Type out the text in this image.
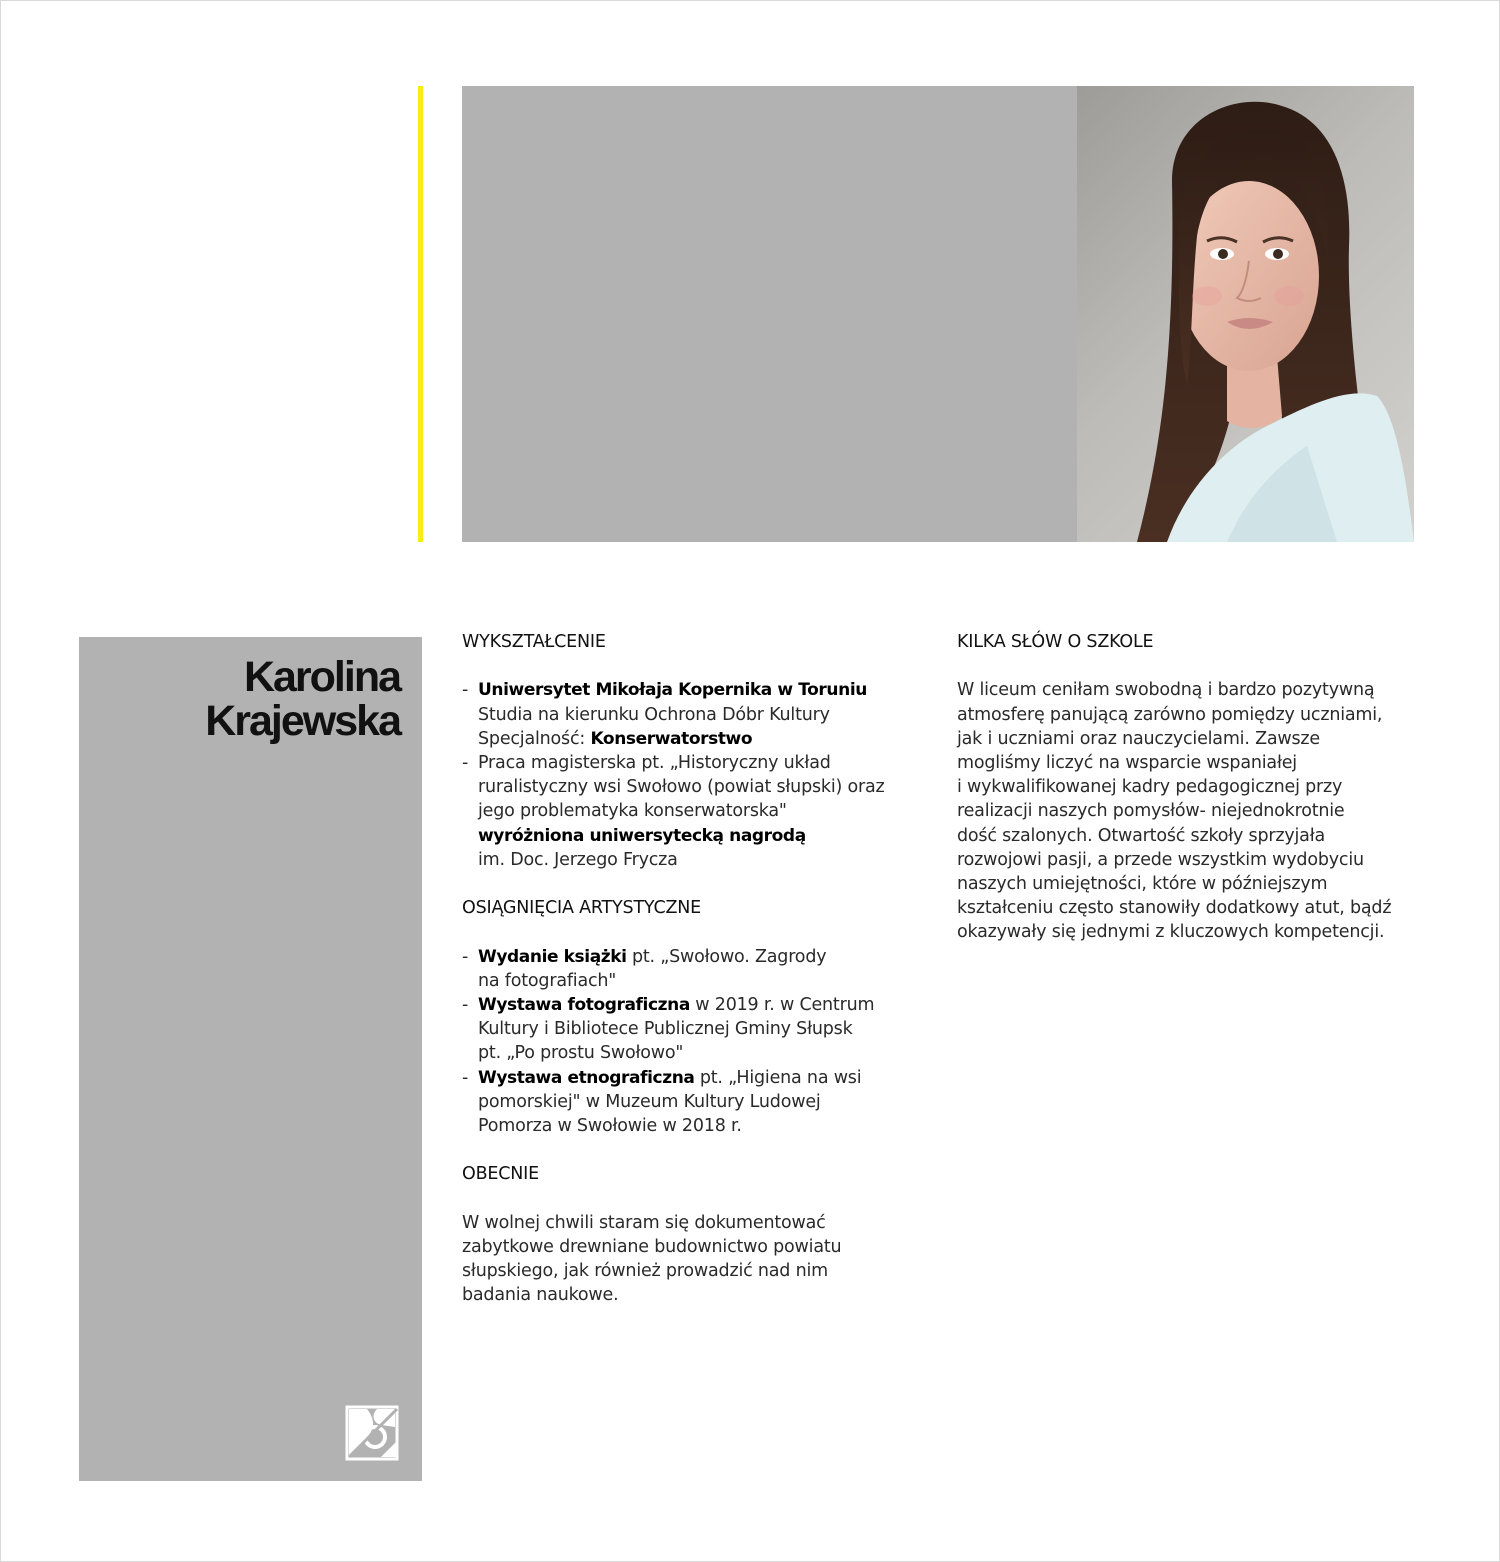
Karolina
Krajewska

WYKSZTAŁCENIE

- Uniwersytet Mikołaja Kopernika w Toruniu
Studia na kierunku Ochrona Dóbr Kultury
Specjalność: Konserwatorstwo
- Praca magisterska pt. „Historyczny układ
ruralistyczny wsi Swołowo (powiat słupski) oraz
jego problematyka konserwatorska"
wyróżniona uniwersytecką nagrodą
im. Doc. Jerzego Frycza

OSIĄGNIĘCIA ARTYSTYCZNE

- Wydanie książki pt. „Swołowo. Zagrody
na fotografiach"
- Wystawa fotograficzna w 2019 r. w Centrum
Kultury i Bibliotece Publicznej Gminy Słupsk
pt. „Po prostu Swołowo"
- Wystawa etnograficzna pt. „Higiena na wsi
pomorskiej" w Muzeum Kultury Ludowej
Pomorza w Swołowie w 2018 r.

OBECNIE

W wolnej chwili staram się dokumentować
zabytkowe drewniane budownictwo powiatu
słupskiego, jak również prowadzić nad nim
badania naukowe.

KILKA SŁÓW O SZKOLE

W liceum ceniłam swobodną i bardzo pozytywną
atmosferę panującą zarówno pomiędzy uczniami,
jak i uczniami oraz nauczycielami. Zawsze
mogliśmy liczyć na wsparcie wspaniałej
i wykwalifikowanej kadry pedagogicznej przy
realizacji naszych pomysłów- niejednokrotnie
dość szalonych. Otwartość szkoły sprzyjała
rozwojowi pasji, a przede wszystkim wydobyciu
naszych umiejętności, które w późniejszym
kształceniu często stanowiły dodatkowy atut, bądź
okazywały się jednymi z kluczowych kompetencji.
